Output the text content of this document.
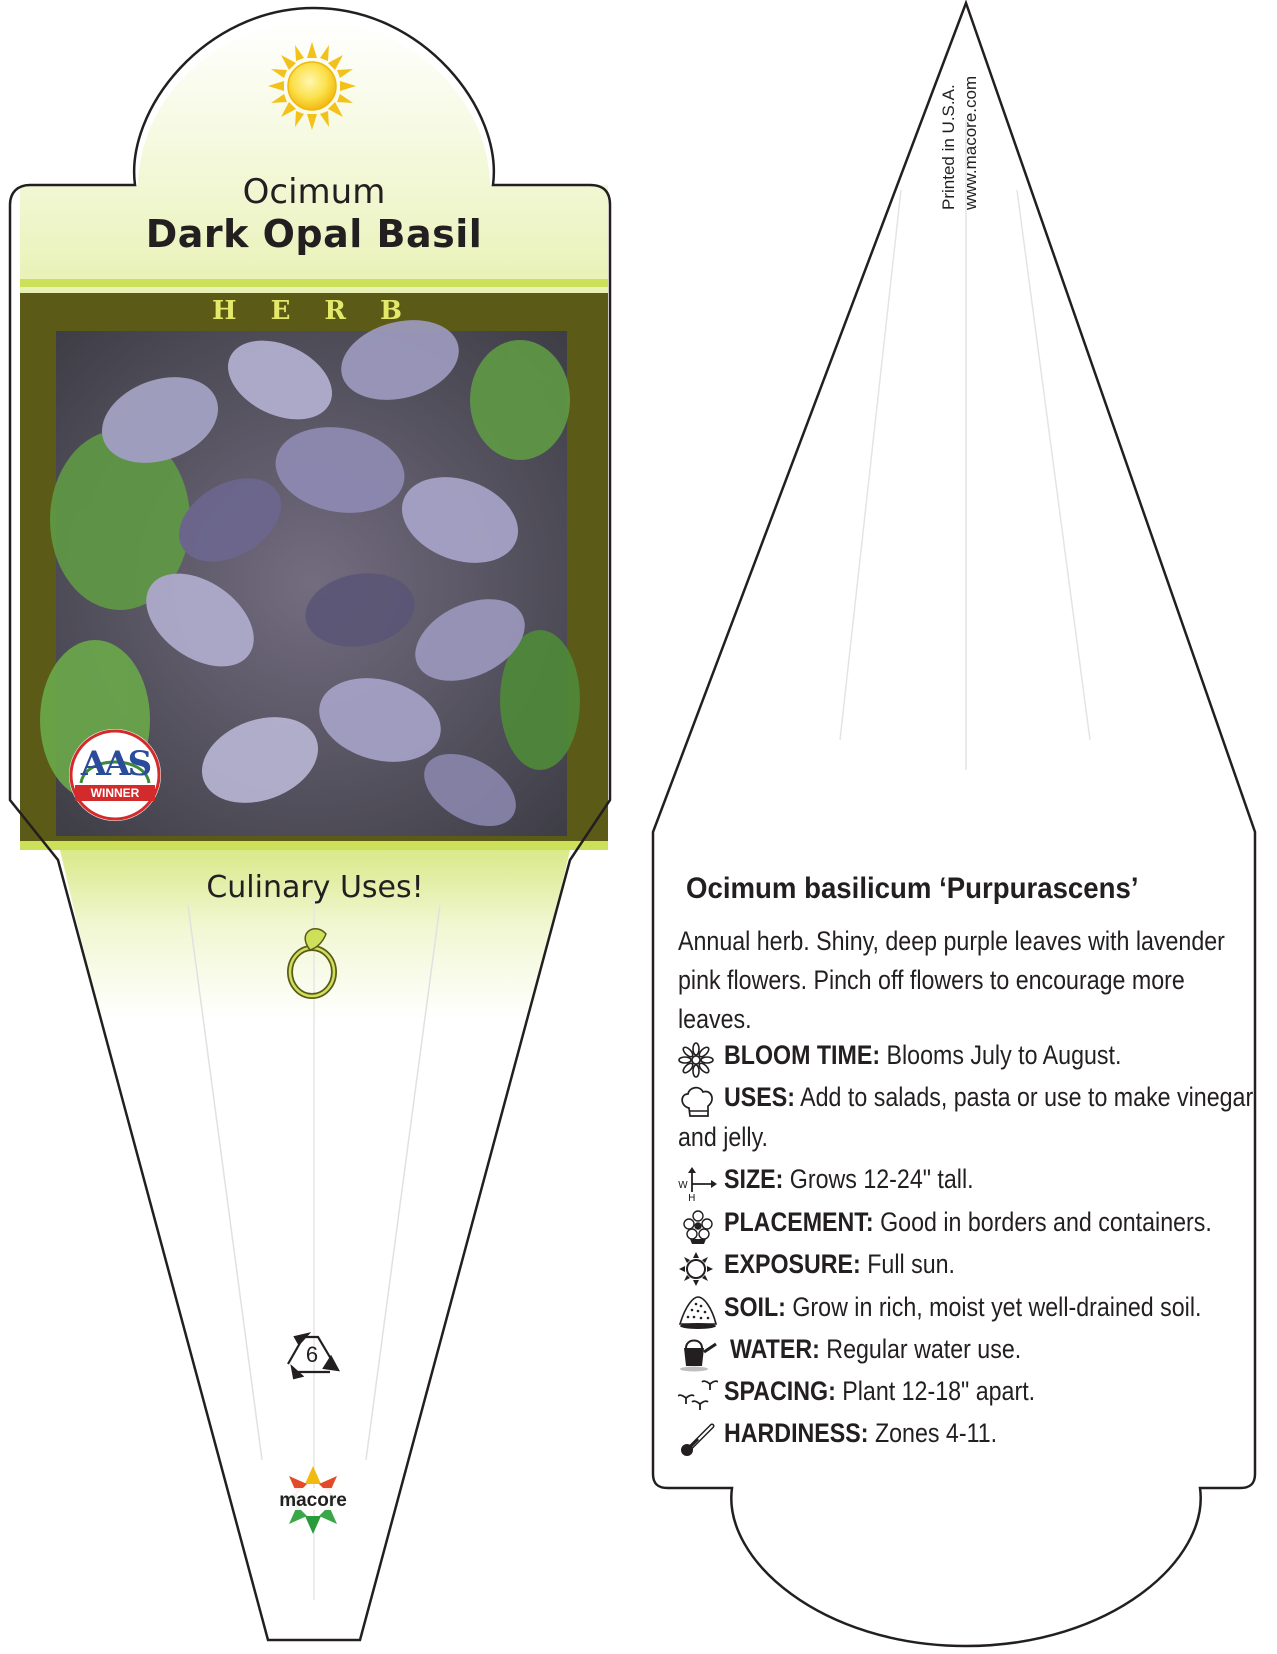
Ocimum
Dark Opal Basil
HERB
AAS
WINNER
Culinary Uses!
6
macore
Printed in U.S.A. www.macore.com
Ocimum basilicum ‘Purpurascens’
Annual herb. Shiny, deep purple leaves with lavender
pink flowers. Pinch off flowers to encourage more
leaves.
BLOOM TIME: Blooms July to August.
USES: Add to salads, pasta or use to make vinegar
and jelly.
W
H
SIZE: Grows 12-24" tall.
PLACEMENT: Good in borders and containers.
EXPOSURE: Full sun.
SOIL: Grow in rich, moist yet well-drained soil.
WATER: Regular water use.
SPACING: Plant 12-18" apart.
HARDINESS: Zones 4-11.
